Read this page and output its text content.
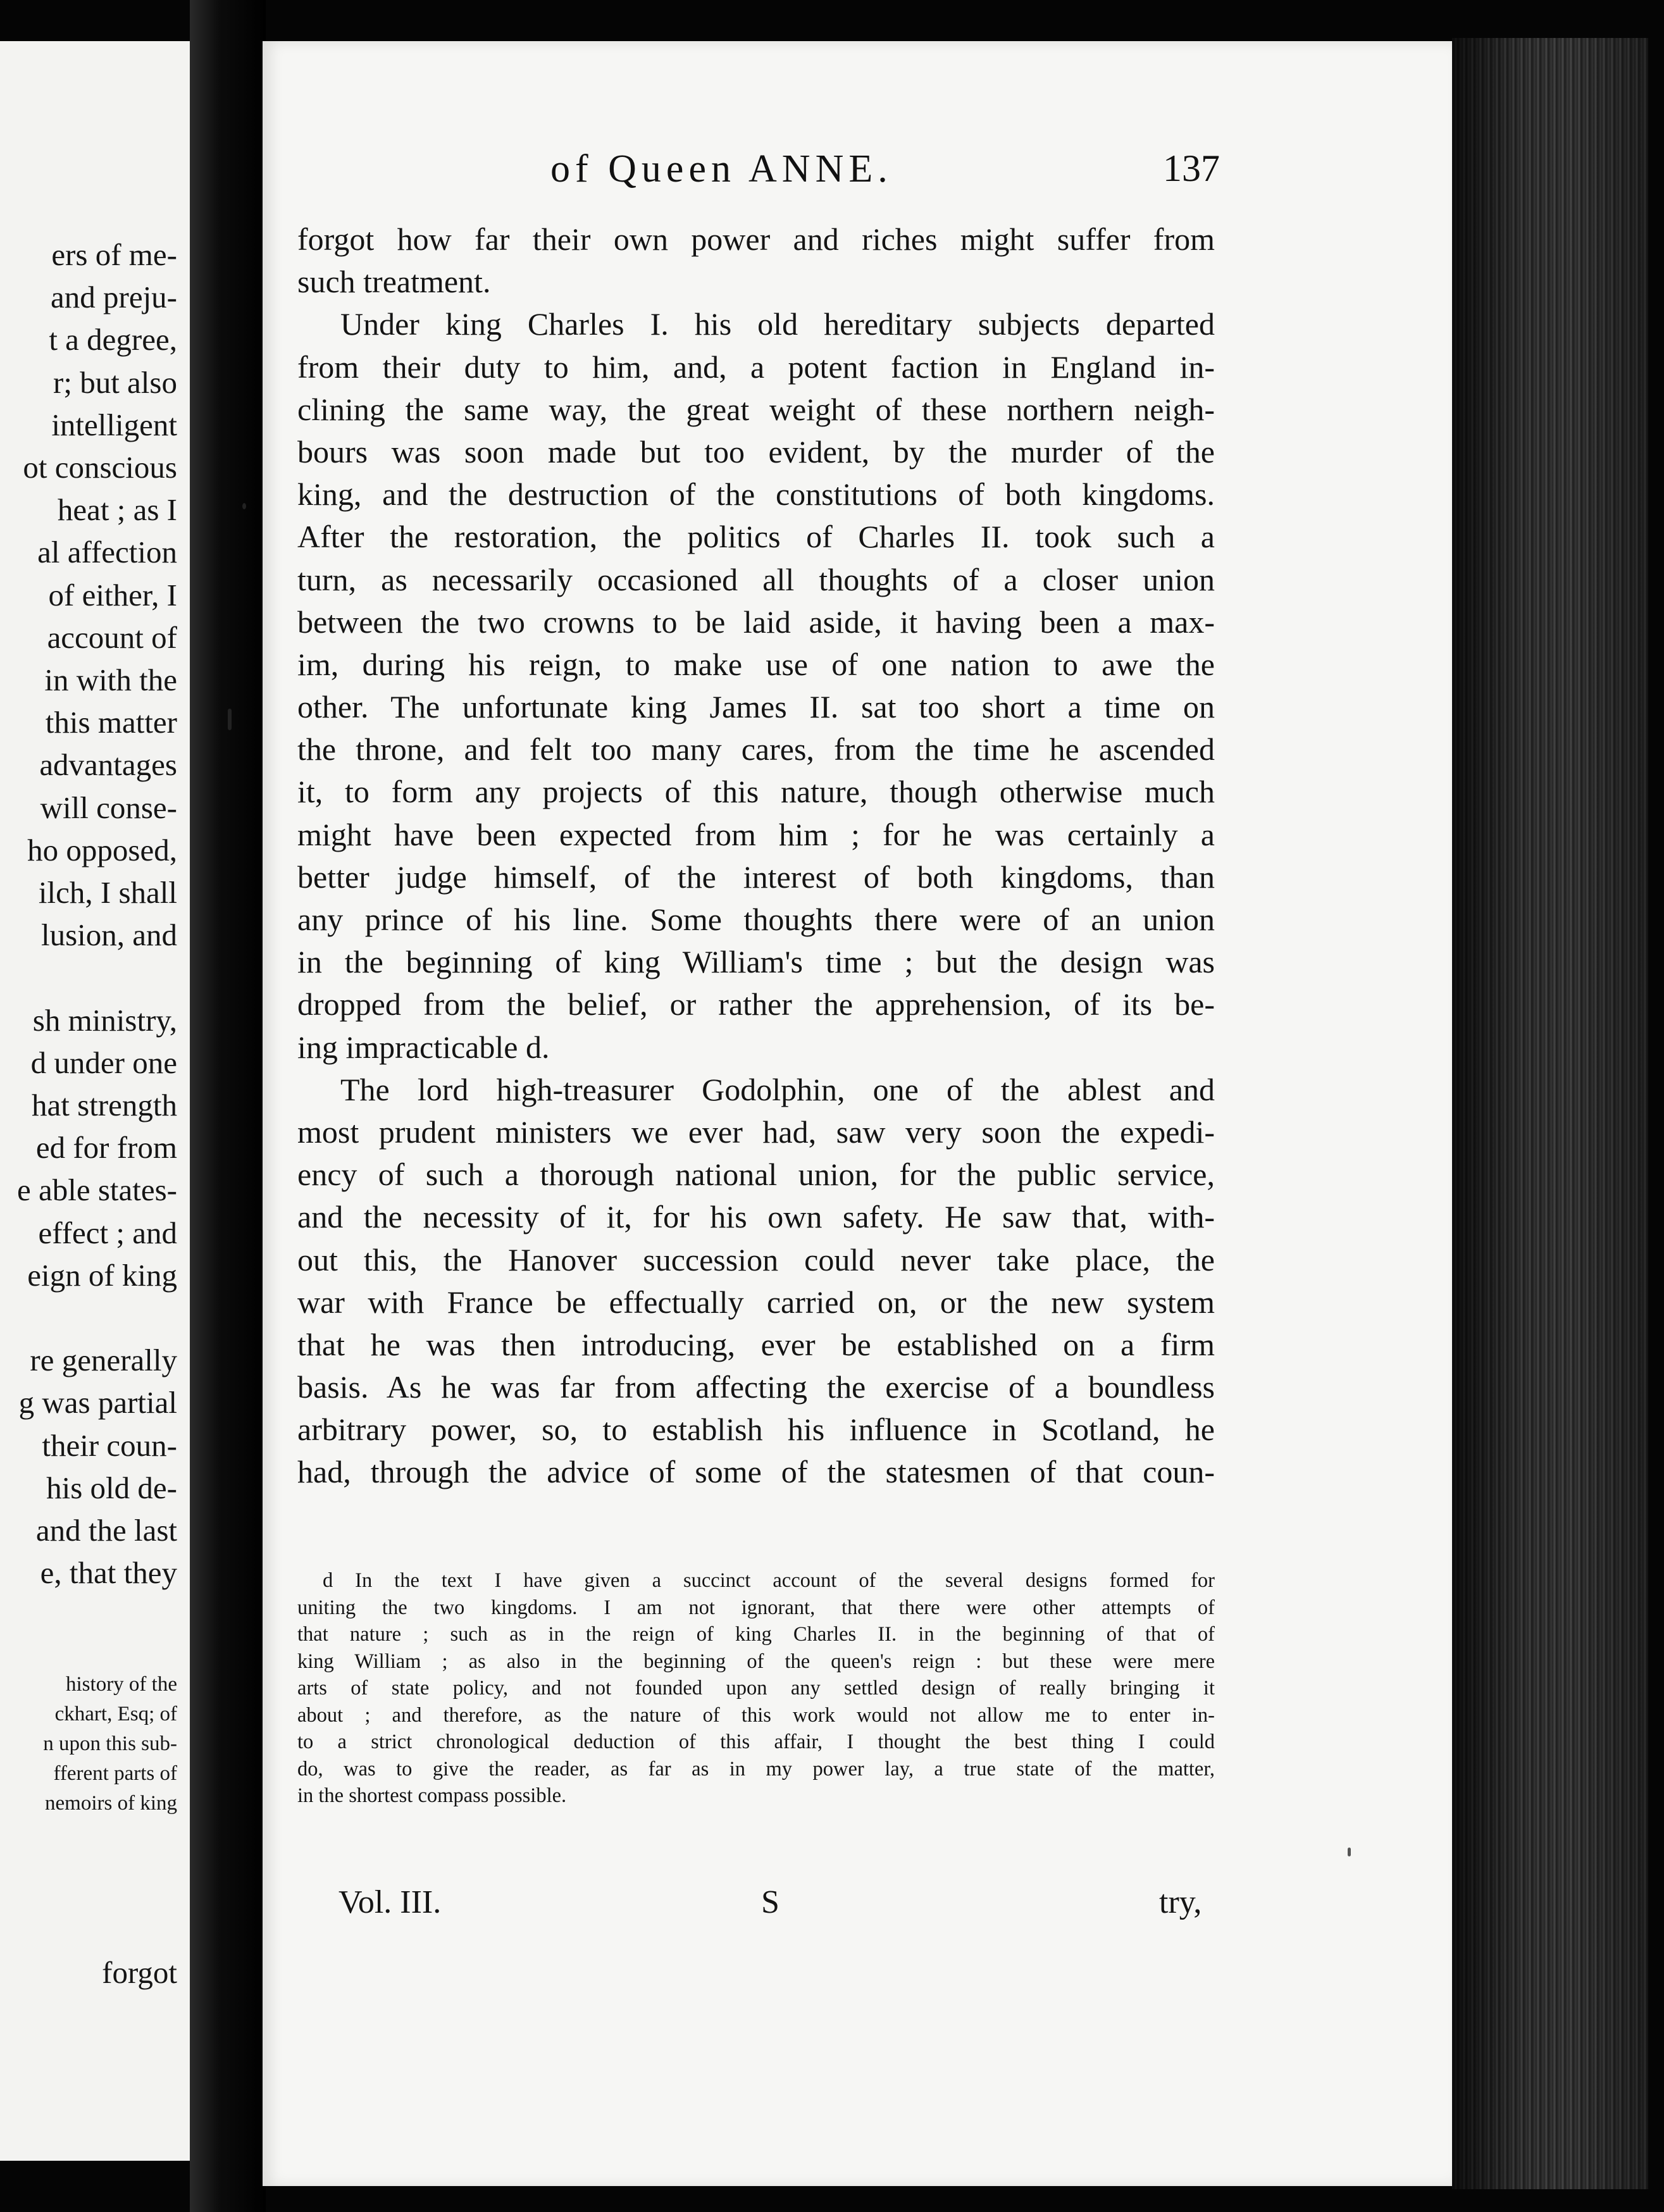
ers of me-
and preju-
t a degree,
r; but also
intelligent
ot conscious
heat ; as I
al affection
of either, I
account of
in with the
this matter
advantages
will conse-
ho opposed,
ilch, I shall
lusion, and
sh ministry,
d under one
hat strength
ed for from
e able states-
effect ; and
eign of king
re generally
g was partial
their coun-
his old de-
and the last
e, that they
history of the
ckhart, Esq; of
n upon this sub-
fferent parts of
nemoirs of king
forgot
of Queen ANNE.	137
forgot how far their own power and riches might suffer from
such treatment.
Under king Charles I. his old hereditary subjects departed
from their duty to him, and, a potent faction in England in-
clining the same way, the great weight of these northern neigh-
bours was soon made but too evident, by the murder of the
king, and the destruction of the constitutions of both kingdoms.
After the restoration, the politics of Charles II. took such a
turn, as necessarily occasioned all thoughts of a closer union
between the two crowns to be laid aside, it having been a max-
im, during his reign, to make use of one nation to awe the
other. The unfortunate king James II. sat too short a time on
the throne, and felt too many cares, from the time he ascended
it, to form any projects of this nature, though otherwise much
might have been expected from him ; for he was certainly a
better judge himself, of the interest of both kingdoms, than
any prince of his line. Some thoughts there were of an union
in the beginning of king William's time ; but the design was
dropped from the belief, or rather the apprehension, of its be-
ing impracticable d.
The lord high-treasurer Godolphin, one of the ablest and
most prudent ministers we ever had, saw very soon the expedi-
ency of such a thorough national union, for the public service,
and the necessity of it, for his own safety. He saw that, with-
out this, the Hanover succession could never take place, the
war with France be effectually carried on, or the new system
that he was then introducing, ever be established on a firm
basis. As he was far from affecting the exercise of a boundless
arbitrary power, so, to establish his influence in Scotland, he
had, through the advice of some of the statesmen of that coun-
d In the text I have given a succinct account of the several designs formed for
uniting the two kingdoms. I am not ignorant, that there were other attempts of
that nature ; such as in the reign of king Charles II. in the beginning of that of
king William ; as also in the beginning of the queen's reign : but these were mere
arts of state policy, and not founded upon any settled design of really bringing it
about ; and therefore, as the nature of this work would not allow me to enter in-
to a strict chronological deduction of this affair, I thought the best thing I could
do, was to give the reader, as far as in my power lay, a true state of the matter,
in the shortest compass possible.
Vol. III.	S	try,
